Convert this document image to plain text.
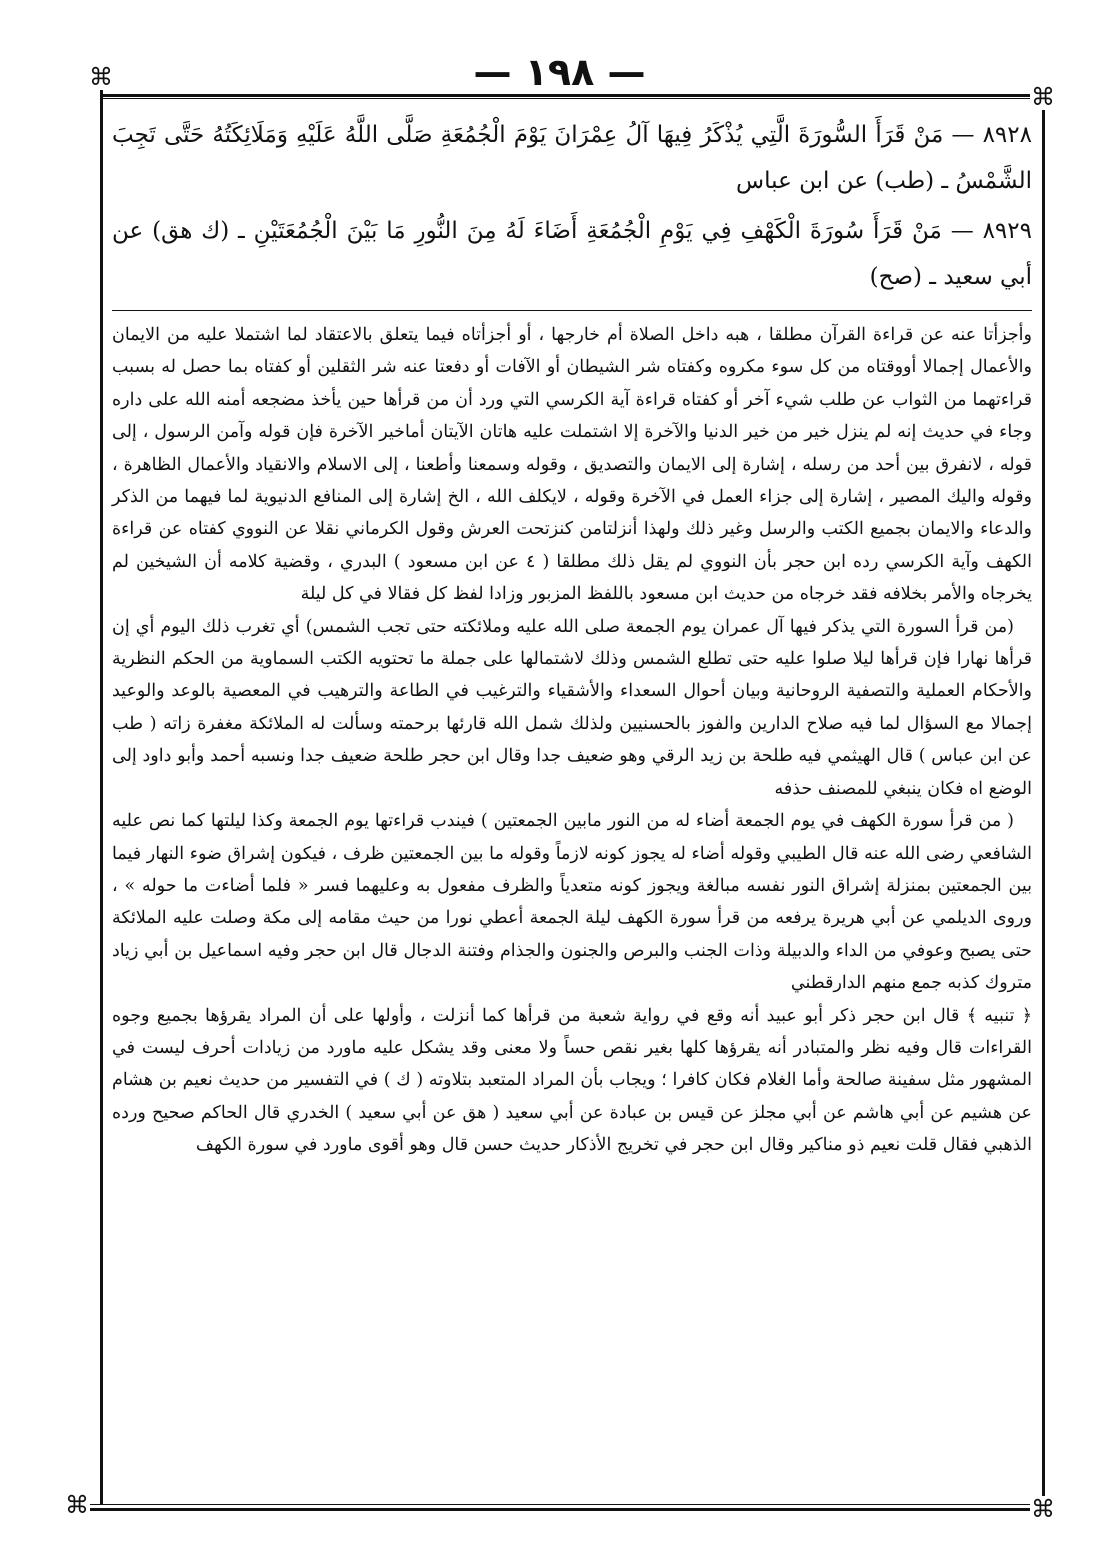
— ١٩٨ —
⌘
⌘
⌘	⌘

٨٩٢٨ — مَنْ قَرَأَ السُّورَةَ الَّتِي يُذْكَرُ فِيهَا آلُ عِمْرَانَ يَوْمَ الْجُمُعَةِ صَلَّى اللَّهُ عَلَيْهِ وَمَلَائِكَتُهُ حَتَّى تَجِبَ الشَّمْسُ ـ (طب) عن ابن عباس

٨٩٢٩ — مَنْ قَرَأَ سُورَةَ الْكَهْفِ فِي يَوْمِ الْجُمُعَةِ أَضَاءَ لَهُ مِنَ النُّورِ مَا بَيْنَ الْجُمُعَتَيْنِ ـ (ك هق) عن أبي سعيد ـ (صح)

وأجزأتا عنه عن قراءة القرآن مطلقا ، هبه داخل الصلاة أم خارجها ، أو أجزأتاه فيما يتعلق بالاعتقاد لما اشتملا عليه من الايمان والأعمال إجمالا أووقتاه من كل سوء مكروه وكفتاه شر الشيطان أو الآفات أو دفعتا عنه شر الثقلين أو كفتاه بما حصل له بسبب قراءتهما من الثواب عن طلب شيء آخر أو كفتاه قراءة آية الكرسي التي ورد أن من قرأها حين يأخذ مضجعه أمنه الله على داره وجاء في حديث إنه لم ينزل خير من خير الدنيا والآخرة إلا اشتملت عليه هاتان الآيتان أماخير الآخرة فإن قوله وآمن الرسول ، إلى قوله ، لانفرق بين أحد من رسله ، إشارة إلى الايمان والتصديق ، وقوله وسمعنا وأطعنا ، إلى الاسلام والانقياد والأعمال الظاهرة ، وقوله واليك المصير ، إشارة إلى جزاء العمل في الآخرة وقوله ، لايكلف الله ، الخ إشارة إلى المنافع الدنيوية لما فيهما من الذكر والدعاء والايمان بجميع الكتب والرسل وغير ذلك ولهذا أنزلتامن كنزتحت العرش وقول الكرماني نقلا عن النووي كفتاه عن قراءة الكهف وآية الكرسي رده ابن حجر بأن النووي لم يقل ذلك مطلقا ( ٤ عن ابن مسعود ) البدري ، وقضية كلامه أن الشيخين لم يخرجاه والأمر بخلافه فقد خرجاه من حديث ابن مسعود باللفظ المزبور وزادا لفظ كل فقالا في كل ليلة

(من قرأ السورة التي يذكر فيها آل عمران يوم الجمعة صلى الله عليه وملائكته حتى تجب الشمس) أي تغرب ذلك اليوم أي إن قرأها نهارا فإن قرأها ليلا صلوا عليه حتى تطلع الشمس وذلك لاشتمالها على جملة ما تحتويه الكتب السماوية من الحكم النظرية والأحكام العملية والتصفية الروحانية وبيان أحوال السعداء والأشقياء والترغيب في الطاعة والترهيب في المعصية بالوعد والوعيد إجمالا مع السؤال لما فيه صلاح الدارين والفوز بالحسنيين ولذلك شمل الله قارئها برحمته وسألت له الملائكة مغفرة زاته ( طب عن ابن عباس ) قال الهيثمي فيه طلحة بن زيد الرقي وهو ضعيف جدا وقال ابن حجر طلحة ضعيف جدا ونسبه أحمد وأبو داود إلى الوضع اه فكان ينبغي للمصنف حذفه

( من قرأ سورة الكهف في يوم الجمعة أضاء له من النور مابين الجمعتين ) فيندب قراءتها يوم الجمعة وكذا ليلتها كما نص عليه الشافعي رضى الله عنه قال الطيبي وقوله أضاء له يجوز كونه لازماً وقوله ما بين الجمعتين ظرف ، فيكون إشراق ضوء النهار فيما بين الجمعتين بمنزلة إشراق النور نفسه مبالغة ويجوز كونه متعدياً والظرف مفعول به وعليهما فسر « فلما أضاءت ما حوله » ، وروى الديلمي عن أبي هريرة يرفعه من قرأ سورة الكهف ليلة الجمعة أعطي نورا من حيث مقامه إلى مكة وصلت عليه الملائكة حتى يصبح وعوفي من الداء والدبيلة وذات الجنب والبرص والجنون والجذام وفتنة الدجال قال ابن حجر وفيه اسماعيل بن أبي زياد متروك كذبه جمع منهم الدارقطني

﴿ تنبيه ﴾ قال ابن حجر ذكر أبو عبيد أنه وقع في رواية شعبة من قرأها كما أنزلت ، وأولها على أن المراد يقرؤها بجميع وجوه القراءات قال وفيه نظر والمتبادر أنه يقرؤها كلها بغير نقص حساً ولا معنى وقد يشكل عليه ماورد من زيادات أحرف ليست في المشهور مثل سفينة صالحة وأما الغلام فكان كافرا ؛ ويجاب بأن المراد المتعبد بتلاوته ( ك ) في التفسير من حديث نعيم بن هشام عن هشيم عن أبي هاشم عن أبي مجلز عن قيس بن عبادة عن أبي سعيد ( هق عن أبي سعيد ) الخدري قال الحاكم صحيح ورده الذهبي فقال قلت نعيم ذو مناكير وقال ابن حجر في تخريج الأذكار حديث حسن قال وهو أقوى ماورد في سورة الكهف
